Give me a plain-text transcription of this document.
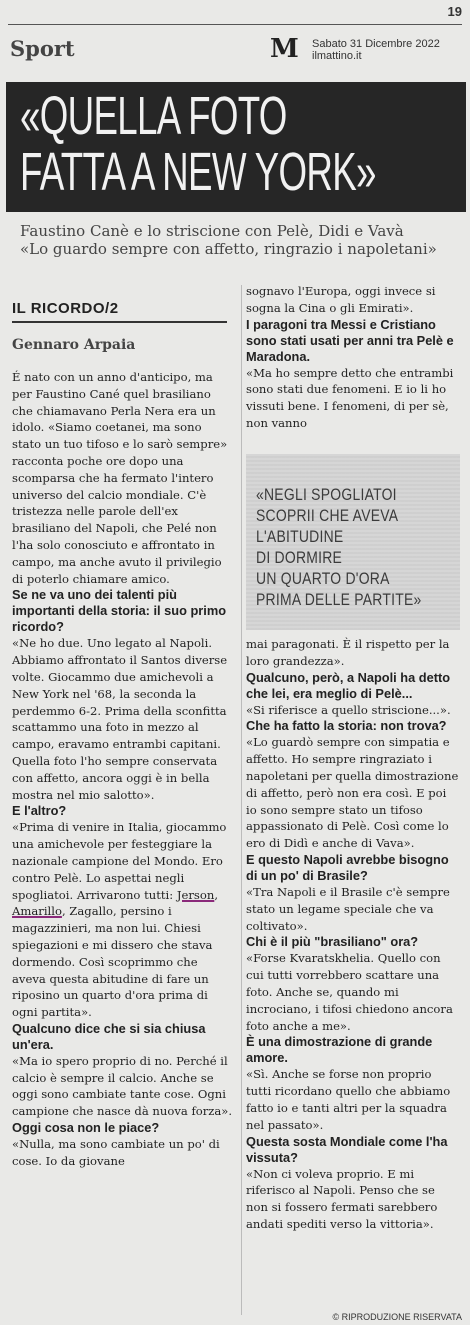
19
Sport	M Sabato 31 Dicembre 2022
ilmattino.it
«QUELLA FOTO
FATTA A NEW YORK»
Faustino Canè e lo striscione con Pelè, Didi e Vavà
«Lo guardo sempre con affetto, ringrazio i napoletani»
IL RICORDO/2
Gennaro Arpaia

É nato con un anno d'anticipo, ma per Faustino Cané quel brasiliano che chiamavano Perla Nera era un idolo. «Siamo coetanei, ma sono stato un tuo tifoso e lo sarò sempre» racconta poche ore dopo una scomparsa che ha fermato l'intero universo del calcio mondiale. C'è tristezza nelle parole dell'ex brasiliano del Napoli, che Pelé non l'ha solo conosciuto e affrontato in campo, ma anche avuto il privilegio di poterlo chiamare amico.

Se ne va uno dei talenti più importanti della storia: il suo primo ricordo?

«Ne ho due. Uno legato al Napoli. Abbiamo affrontato il Santos diverse volte. Giocammo due amichevoli a New York nel '68, la seconda la perdemmo 6-2. Prima della sconfitta scattammo una foto in mezzo al campo, eravamo entrambi capitani. Quella foto l'ho sempre conservata con affetto, ancora oggi è in bella mostra nel mio salotto».

E l'altro?

«Prima di venire in Italia, giocammo una amichevole per festeggiare la nazionale campione del Mondo. Ero contro Pelè. Lo aspettai negli spogliatoi. Arrivarono tutti: Jerson, Amarillo, Zagallo, persino i magazzinieri, ma non lui. Chiesi spiegazioni e mi dissero che stava dormendo. Così scoprimmo che aveva questa abitudine di fare un riposino un quarto d'ora prima di ogni partita».

Qualcuno dice che si sia chiusa un'era.

«Ma io spero proprio di no. Perché il calcio è sempre il calcio. Anche se oggi sono cambiate tante cose. Ogni campione che nasce dà nuova forza».

Oggi cosa non le piace?

«Nulla, ma sono cambiate un po' di cose. Io da giovane

sognavo l'Europa, oggi invece si sogna la Cina o gli Emirati».

I paragoni tra Messi e Cristiano sono stati usati per anni tra Pelè e Maradona.

«Ma ho sempre detto che entrambi sono stati due fenomeni. E io li ho vissuti bene. I fenomeni, di per sè, non vanno

«NEGLI SPOGLIATOI
SCOPRII CHE AVEVA
L'ABITUDINE
DI DORMIRE
UN QUARTO D'ORA
PRIMA DELLE PARTITE»

mai paragonati. È il rispetto per la loro grandezza».

Qualcuno, però, a Napoli ha detto che lei, era meglio di Pelè...

«Si riferisce a quello striscione...».

Che ha fatto la storia: non trova?

«Lo guardò sempre con simpatia e affetto. Ho sempre ringraziato i napoletani per quella dimostrazione di affetto, però non era così. E poi io sono sempre stato un tifoso appassionato di Pelè. Così come lo ero di Didì e anche di Vava».

E questo Napoli avrebbe bisogno di un po' di Brasile?

«Tra Napoli e il Brasile c'è sempre stato un legame speciale che va coltivato».

Chi è il più "brasiliano" ora?

«Forse Kvaratskhelia. Quello con cui tutti vorrebbero scattare una foto. Anche se, quando mi incrociano, i tifosi chiedono ancora foto anche a me».

È una dimostrazione di grande amore.

«Sì. Anche se forse non proprio tutti ricordano quello che abbiamo fatto io e tanti altri per la squadra nel passato».

Questa sosta Mondiale come l'ha vissuta?

«Non ci voleva proprio. E mi riferisco al Napoli. Penso che se non si fossero fermati sarebbero andati spediti verso la vittoria».

© RIPRODUZIONE RISERVATA
